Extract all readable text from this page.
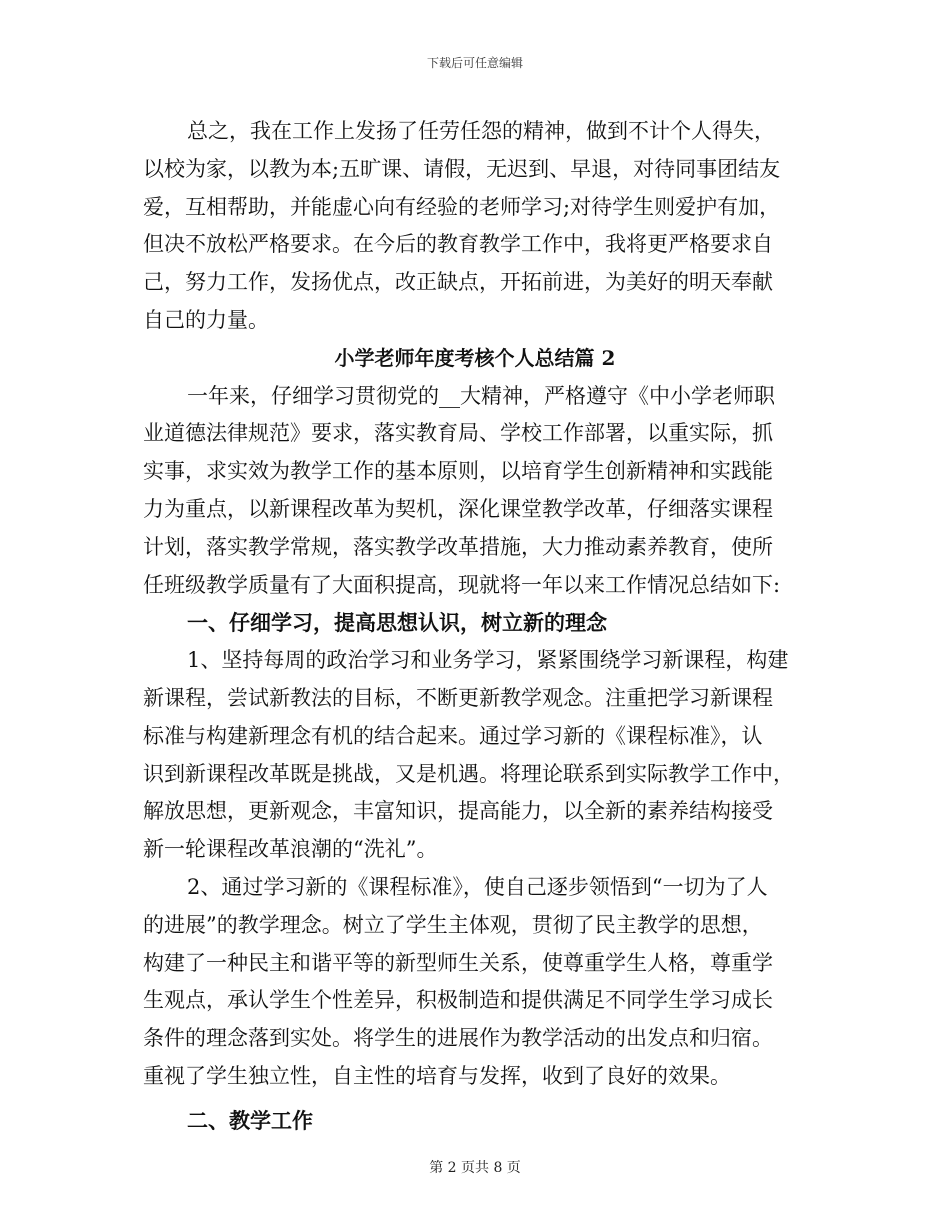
下载后可任意编辑
总之，我在工作上发扬了任劳任怨的精神，做到不计个人得失，
以校为家，以教为本;五旷课、请假，无迟到、早退，对待同事团结友
爱，互相帮助，并能虚心向有经验的老师学习;对待学生则爱护有加，
但决不放松严格要求。在今后的教育教学工作中，我将更严格要求自
己，努力工作，发扬优点，改正缺点，开拓前进，为美好的明天奉献
自己的力量。
小学老师年度考核个人总结篇 2
一年来，仔细学习贯彻党的__大精神，严格遵守《中小学老师职
业道德法律规范》要求，落实教育局、学校工作部署，以重实际，抓
实事，求实效为教学工作的基本原则，以培育学生创新精神和实践能
力为重点，以新课程改革为契机，深化课堂教学改革，仔细落实课程
计划，落实教学常规，落实教学改革措施，大力推动素养教育，使所
任班级教学质量有了大面积提高，现就将一年以来工作情况总结如下:
一、仔细学习，提高思想认识，树立新的理念
1、坚持每周的政治学习和业务学习，紧紧围绕学习新课程，构建
新课程，尝试新教法的目标，不断更新教学观念。注重把学习新课程
标准与构建新理念有机的结合起来。通过学习新的《课程标准》，认
识到新课程改革既是挑战，又是机遇。将理论联系到实际教学工作中，
解放思想，更新观念，丰富知识，提高能力，以全新的素养结构接受
新一轮课程改革浪潮的“洗礼”。
2、通过学习新的《课程标准》，使自己逐步领悟到“一切为了人
的进展”的教学理念。树立了学生主体观，贯彻了民主教学的思想，
构建了一种民主和谐平等的新型师生关系，使尊重学生人格，尊重学
生观点，承认学生个性差异，积极制造和提供满足不同学生学习成长
条件的理念落到实处。将学生的进展作为教学活动的出发点和归宿。
重视了学生独立性，自主性的培育与发挥，收到了良好的效果。
二、教学工作
第 2 页共 8 页
